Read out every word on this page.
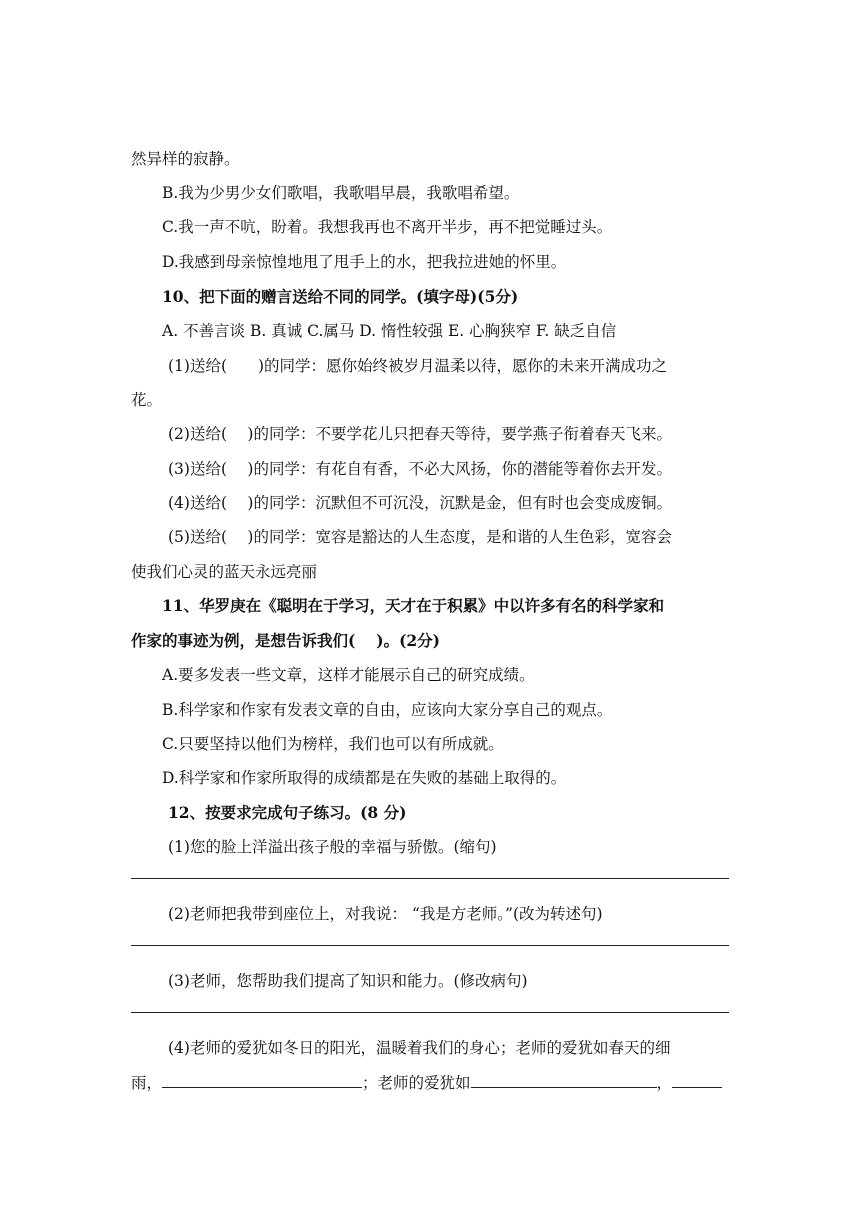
然异样的寂静。
B.我为少男少女们歌唱，我歌唱早晨，我歌唱希望。
C.我一声不吭，盼着。我想我再也不离开半步，再不把觉睡过头。
D.我感到母亲惊惶地甩了甩手上的水，把我拉进她的怀里。
10、把下面的赠言送给不同的同学。(填字母)(5分)
A. 不善言谈 B. 真诚 C.属马 D. 惰性较强 E. 心胸狭窄 F. 缺乏自信
(1)送给(　　)的同学：愿你始终被岁月温柔以待，愿你的未来开满成功之
花。
(2)送给(　 )的同学：不要学花儿只把春天等待，要学燕子衔着春天飞来。
(3)送给(　 )的同学：有花自有香，不必大风扬，你的潜能等着你去开发。
(4)送给(　 )的同学：沉默但不可沉没，沉默是金，但有时也会变成废铜。
(5)送给(　 )的同学：宽容是豁达的人生态度，是和谐的人生色彩，宽容会
使我们心灵的蓝天永远亮丽
11、华罗庚在《聪明在于学习，天才在于积累》中以许多有名的科学家和
作家的事迹为例，是想告诉我们(　 )。(2分)
A.要多发表一些文章，这样才能展示自己的研究成绩。
B.科学家和作家有发表文章的自由，应该向大家分享自己的观点。
C.只要坚持以他们为榜样，我们也可以有所成就。
D.科学家和作家所取得的成绩都是在失败的基础上取得的。
12、按要求完成句子练习。(8 分)
(1)您的脸上洋溢出孩子般的幸福与骄傲。(缩句)
(2)老师把我带到座位上，对我说： “我是方老师。”(改为转述句)
(3)老师，您帮助我们提高了知识和能力。(修改病句)
(4)老师的爱犹如冬日的阳光，温暖着我们的身心；老师的爱犹如春天的细
雨，	；老师的爱犹如	，
